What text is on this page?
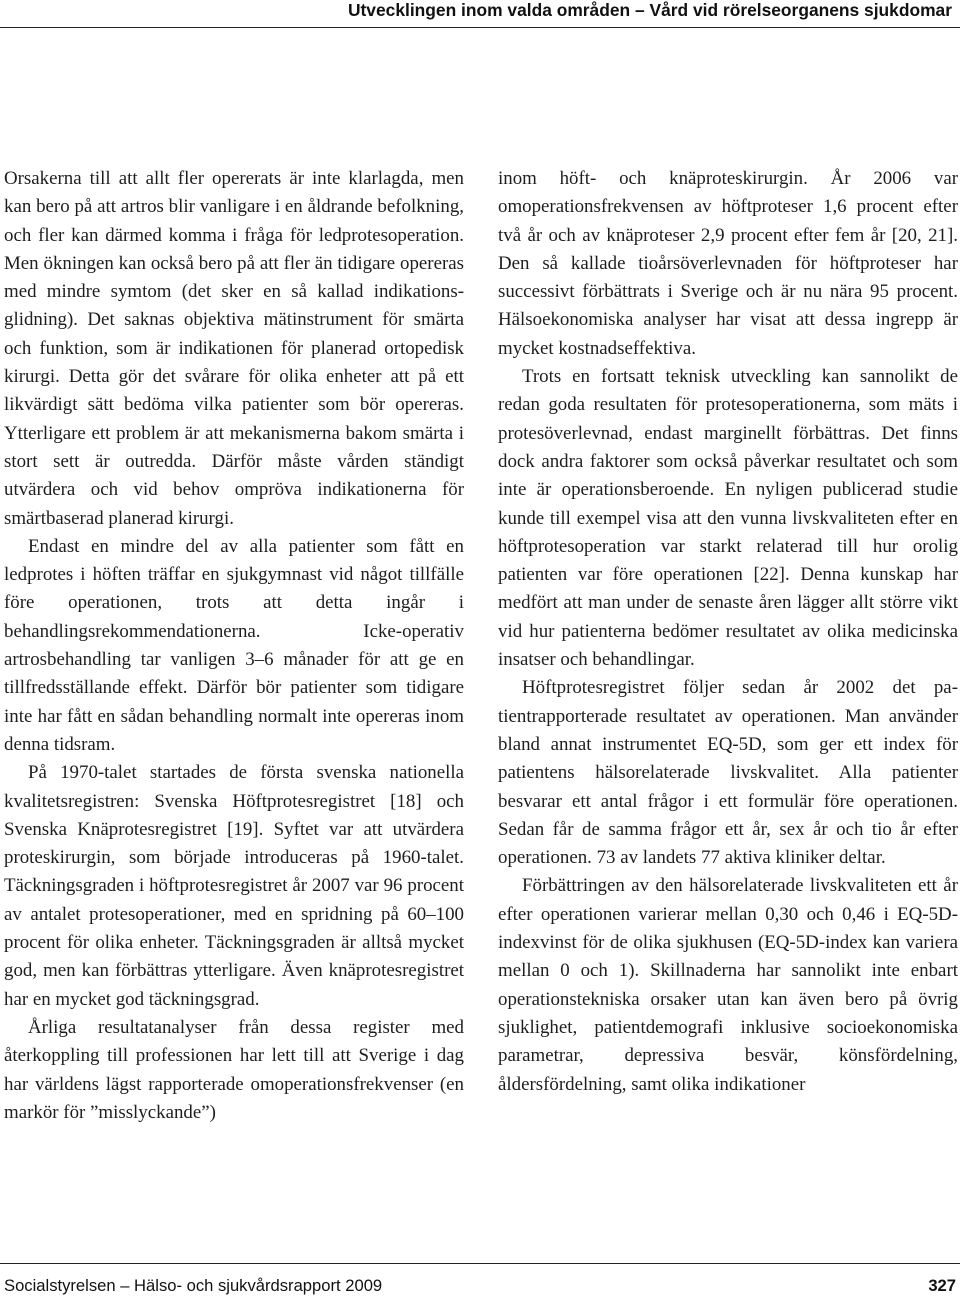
Utvecklingen inom valda områden – Vård vid rörelseorganens sjukdomar

Orsakerna till att allt fler opererats är inte klarlagda, men kan bero på att artros blir vanligare i en åldrande befolkning, och fler kan därmed komma i fråga för ledprotesoperation. Men ökningen kan också bero på att fler än tidigare opereras med mindre symtom (det sker en så kallad indikationsglidning). Det saknas objektiva mätinstrument för smärta och funktion, som är indikationen för planerad ortopedisk kirurgi. Detta gör det svårare för olika enheter att på ett likvärdigt sätt bedöma vilka patienter som bör opereras. Ytterligare ett problem är att mekanismerna bakom smärta i stort sett är outredda. Därför måste vården ständigt utvärdera och vid behov ompröva indikationerna för smärtbaserad planerad kirurgi.

Endast en mindre del av alla patienter som fått en ledprotes i höften träffar en sjukgymnast vid något tillfälle före operationen, trots att detta ingår i behandlingsrekommendationerna. Icke-operativ artrosbehandling tar vanligen 3–6 månader för att ge en tillfredsställande effekt. Därför bör patienter som tidigare inte har fått en sådan behandling normalt inte opereras inom denna tidsram.

På 1970-talet startades de första svenska nationella kvalitetsregistren: Svenska Höftprotesregistret [18] och Svenska Knäprotesregistret [19]. Syftet var att utvärdera proteskirurgin, som började introduceras på 1960-talet. Täckningsgraden i höftprotesregistret år 2007 var 96 procent av antalet protesoperationer, med en spridning på 60–100 procent för olika enheter. Täckningsgraden är alltså mycket god, men kan förbättras ytterligare. Även knäprotesregistret har en mycket god täckningsgrad.

Årliga resultatanalyser från dessa register med återkoppling till professionen har lett till att Sverige i dag har världens lägst rapporterade omoperationsfrekvenser (en markör för ”misslyckande”)

inom höft- och knäproteskirurgin. År 2006 var omoperationsfrekvensen av höftproteser 1,6 procent efter två år och av knäproteser 2,9 procent efter fem år [20, 21]. Den så kallade tioårsöverlevnaden för höftproteser har successivt förbättrats i Sverige och är nu nära 95 procent. Hälsoekonomiska analyser har visat att dessa ingrepp är mycket kostnadseffektiva.

Trots en fortsatt teknisk utveckling kan sannolikt de redan goda resultaten för protesoperationerna, som mäts i protesöverlevnad, endast marginellt förbättras. Det finns dock andra faktorer som också påverkar resultatet och som inte är operationsberoende. En nyligen publicerad studie kunde till exempel visa att den vunna livskvaliteten efter en höftprotesoperation var starkt relaterad till hur orolig patienten var före operationen [22]. Denna kunskap har medfört att man under de senaste åren lägger allt större vikt vid hur patienterna bedömer resultatet av olika medicinska insatser och behandlingar.

Höftprotesregistret följer sedan år 2002 det patientrapporterade resultatet av operationen. Man använder bland annat instrumentet EQ-5D, som ger ett index för patientens hälsorelaterade livskvalitet. Alla patienter besvarar ett antal frågor i ett formulär före operationen. Sedan får de samma frågor ett år, sex år och tio år efter operationen. 73 av landets 77 aktiva kliniker deltar.

Förbättringen av den hälsorelaterade livskvaliteten ett år efter operationen varierar mellan 0,30 och 0,46 i EQ-5D-indexvinst för de olika sjukhusen (EQ-5D-index kan variera mellan 0 och 1). Skillnaderna har sannolikt inte enbart operationstekniska orsaker utan kan även bero på övrig sjuklighet, patientdemografi inklusive socioekonomiska parametrar, depressiva besvär, könsfördelning, åldersfördelning, samt olika indikationer

Socialstyrelsen – Hälso- och sjukvårdsrapport 2009	327
